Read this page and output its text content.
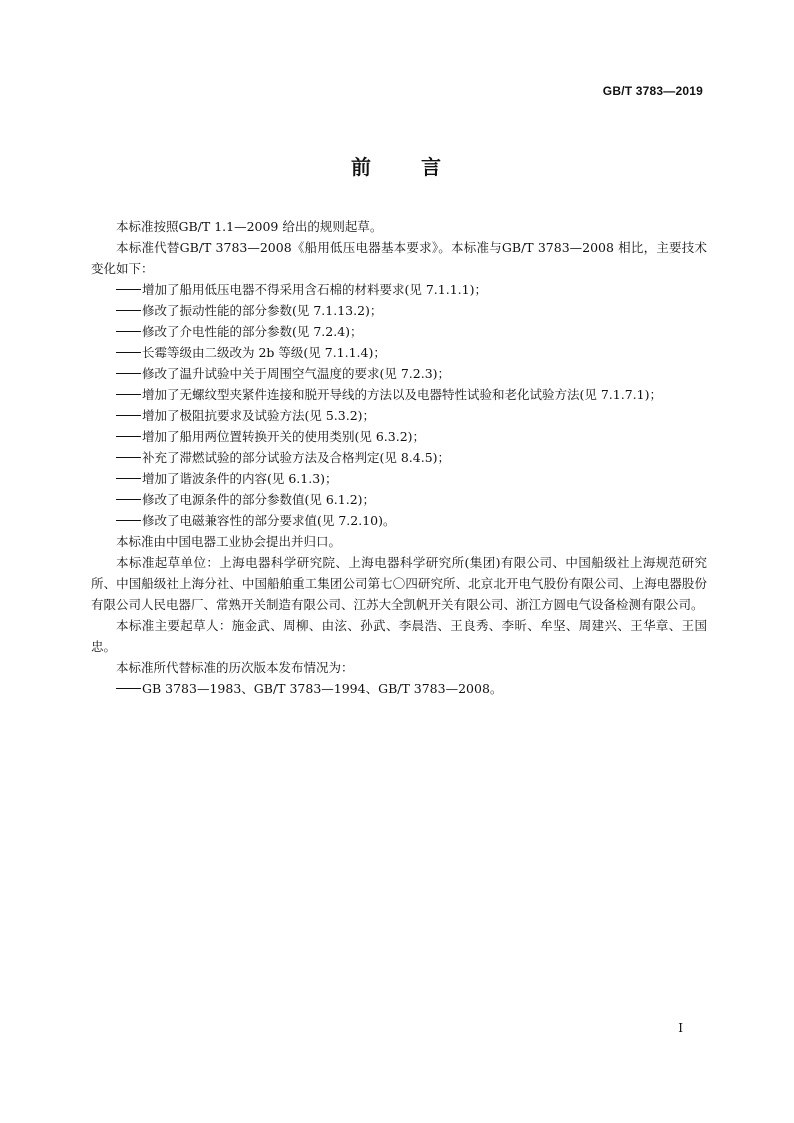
GB/T 3783—2019
前 言

本标准按照GB/T 1.1—2009 给出的规则起草。

本标准代替GB/T 3783—2008《船用低压电器基本要求》。本标准与GB/T 3783—2008 相比，主要技术变化如下：

增加了船用低压电器不得采用含石棉的材料要求(见 7.1.1.1)；

修改了振动性能的部分参数(见 7.1.13.2)；

修改了介电性能的部分参数(见 7.2.4)；

长霉等级由二级改为 2b 等级(见 7.1.1.4)；

修改了温升试验中关于周围空气温度的要求(见 7.2.3)；

增加了无螺纹型夹紧件连接和脱开导线的方法以及电器特性试验和老化试验方法(见 7.1.7.1)；

增加了极阻抗要求及试验方法(见 5.3.2)；

增加了船用两位置转换开关的使用类别(见 6.3.2)；

补充了滞燃试验的部分试验方法及合格判定(见 8.4.5)；

增加了谐波条件的内容(见 6.1.3)；

修改了电源条件的部分参数值(见 6.1.2)；

修改了电磁兼容性的部分要求值(见 7.2.10)。

本标准由中国电器工业协会提出并归口。

本标准起草单位：上海电器科学研究院、上海电器科学研究所(集团)有限公司、中国船级社上海规范研究所、中国船级社上海分社、中国船舶重工集团公司第七〇四研究所、北京北开电气股份有限公司、上海电器股份有限公司人民电器厂、常熟开关制造有限公司、江苏大全凯帆开关有限公司、浙江方圆电气设备检测有限公司。

本标准主要起草人：施金武、周柳、由泫、孙武、李晨浩、王良秀、李昕、牟坚、周建兴、王华章、王国忠。

本标准所代替标准的历次版本发布情况为：

GB 3783—1983、GB/T 3783—1994、GB/T 3783—2008。

I
